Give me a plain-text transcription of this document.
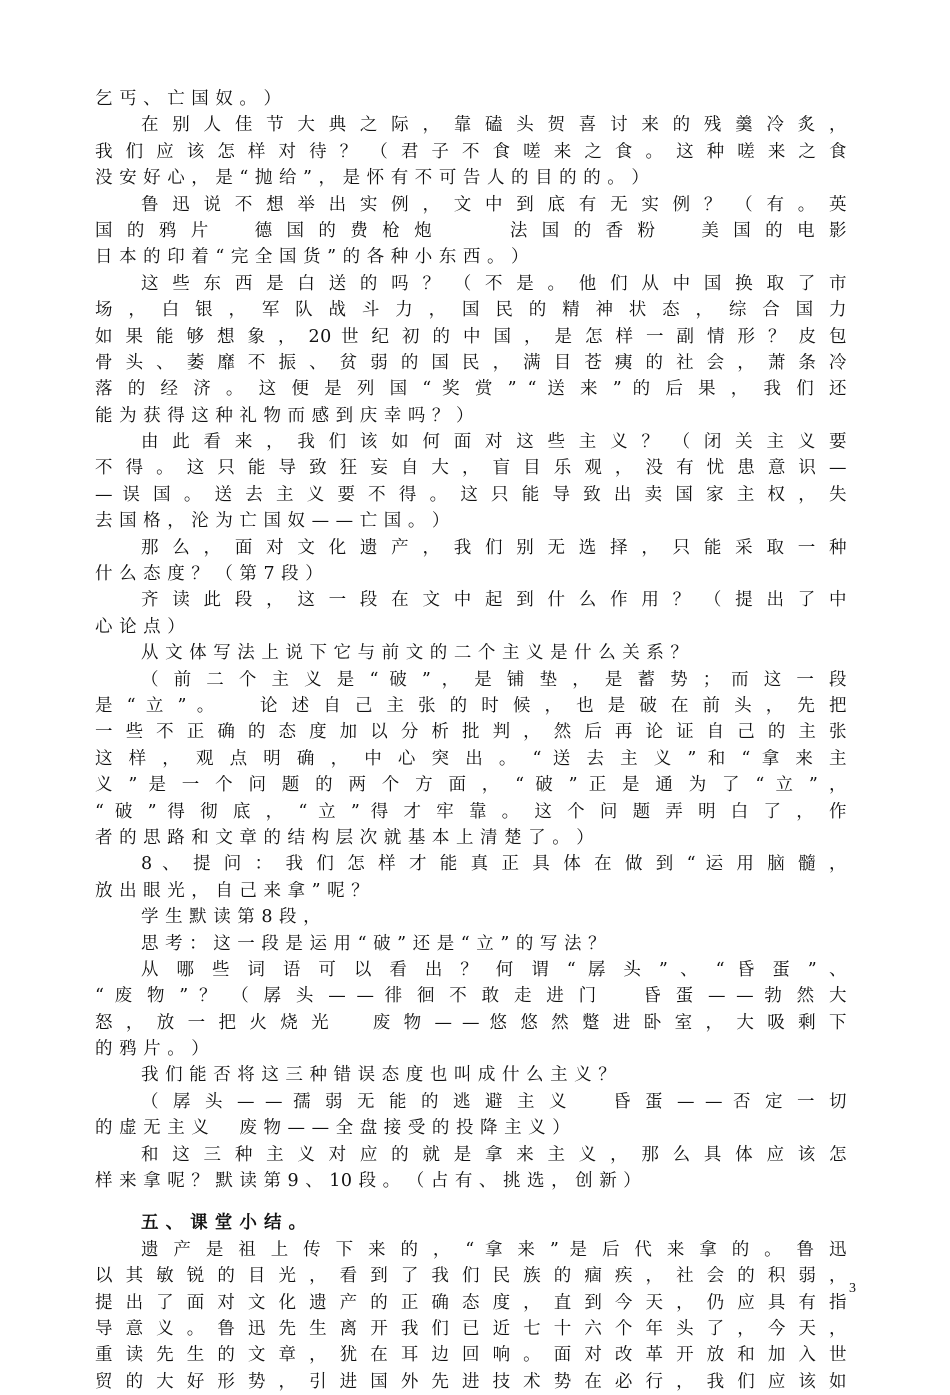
乞 丐 、 亡 国 奴 。 ）
在 别 人 佳 节 大 典 之 际 ， 靠 磕 头 贺 喜 讨 来 的 残 羹 冷 炙 ，
我 们 应 该 怎 样 对 待 ？ （ 君 子 不 食 嗟 来 之 食 。 这 种 嗟 来 之 食
没 安 好 心 ， 是 “ 抛 给 ” ， 是 怀 有 不 可 告 人 的 目 的 的 。 ）
鲁 迅 说 不 想 举 出 实 例 ， 文 中 到 底 有 无 实 例 ？ （ 有 。 英
国 的 鸦 片 　 德 国 的 费 枪 炮 　 　 法 国 的 香 粉 　 美 国 的 电 影
日 本 的 印 着 “ 完 全 国 货 ” 的 各 种 小 东 西 。 ）
这 些 东 西 是 白 送 的 吗 ？ （ 不 是 。 他 们 从 中 国 换 取 了 市
场 ， 白 银 ， 军 队 战 斗 力 ， 国 民 的 精 神 状 态 ， 综 合 国 力
如 果 能 够 想 象 ， 20 世 纪 初 的 中 国 ， 是 怎 样 一 副 情 形 ？ 皮 包
骨 头 、 萎 靡 不 振 、 贫 弱 的 国 民 ， 满 目 苍 痍 的 社 会 ， 萧 条 冷
落 的 经 济 。 这 便 是 列 国 “ 奖 赏 ” “ 送 来 ” 的 后 果 ， 我 们 还
能 为 获 得 这 种 礼 物 而 感 到 庆 幸 吗 ？ ）
由 此 看 来 ， 我 们 该 如 何 面 对 这 些 主 义 ？ （ 闭 关 主 义 要
不 得 。 这 只 能 导 致 狂 妄 自 大 ， 盲 目 乐 观 ， 没 有 忧 患 意 识 —
— 误 国 。 送 去 主 义 要 不 得 。 这 只 能 导 致 出 卖 国 家 主 权 ， 失
去 国 格 ， 沦 为 亡 国 奴 — — 亡 国 。 ）
那 么 ， 面 对 文 化 遗 产 ， 我 们 别 无 选 择 ， 只 能 采 取 一 种
什 么 态 度 ？ （ 第 7 段 ）
齐 读 此 段 ， 这 一 段 在 文 中 起 到 什 么 作 用 ？ （ 提 出 了 中
心 论 点 ）
从 文 体 写 法 上 说 下 它 与 前 文 的 二 个 主 义 是 什 么 关 系 ？
（ 前 二 个 主 义 是 “ 破 ” ， 是 铺 垫 ， 是 蓄 势 ； 而 这 一 段
是 “ 立 ” 。 　 论 述 自 己 主 张 的 时 候 ， 也 是 破 在 前 头 ， 先 把
一 些 不 正 确 的 态 度 加 以 分 析 批 判 ， 然 后 再 论 证 自 己 的 主 张
这 样 ， 观 点 明 确 ， 中 心 突 出 。 “ 送 去 主 义 ” 和 “ 拿 来 主
义 ” 是 一 个 问 题 的 两 个 方 面 ， “ 破 ” 正 是 通 为 了 “ 立 ” ，
“ 破 ” 得 彻 底 ， “ 立 ” 得 才 牢 靠 。 这 个 问 题 弄 明 白 了 ， 作
者 的 思 路 和 文 章 的 结 构 层 次 就 基 本 上 清 楚 了 。 ）
8 、 提 问 ： 我 们 怎 样 才 能 真 正 具 体 在 做 到 “ 运 用 脑 髓 ，
放 出 眼 光 ， 自 己 来 拿 ” 呢 ？
学 生 默 读 第 8 段 ，
思 考 ： 这 一 段 是 运 用 “ 破 ” 还 是 “ 立 ” 的 写 法 ？
从 哪 些 词 语 可 以 看 出 ？ 何 谓 “ 孱 头 ” 、 “ 昏 蛋 ” 、
“ 废 物 ” ？ （ 孱 头 — — 徘 徊 不 敢 走 进 门 　 昏 蛋 — — 勃 然 大
怒 ， 放 一 把 火 烧 光 　 废 物 — — 悠 悠 然 蹩 进 卧 室 ， 大 吸 剩 下
的 鸦 片 。 ）
我 们 能 否 将 这 三 种 错 误 态 度 也 叫 成 什 么 主 义 ？
（ 孱 头 — — 孺 弱 无 能 的 逃 避 主 义 　 昏 蛋 — — 否 定 一 切
的 虚 无 主 义 　 废 物 — — 全 盘 接 受 的 投 降 主 义 ）
和 这 三 种 主 义 对 应 的 就 是 拿 来 主 义 ， 那 么 具 体 应 该 怎
样 来 拿 呢 ？ 默 读 第 9 、 10 段 。 （ 占 有 、 挑 选 ， 创 新 ）
五 、 课 堂 小 结 。
遗 产 是 祖 上 传 下 来 的 ， “ 拿 来 ” 是 后 代 来 拿 的 。 鲁 迅
以 其 敏 锐 的 目 光 ， 看 到 了 我 们 民 族 的 痼 疾 ， 社 会 的 积 弱 ，
提 出 了 面 对 文 化 遗 产 的 正 确 态 度 ， 直 到 今 天 ， 仍 应 具 有 指
导 意 义 。 鲁 迅 先 生 离 开 我 们 已 近 七 十 六 个 年 头 了 ， 今 天 ，
重 读 先 生 的 文 章 ， 犹 在 耳 边 回 响 。 面 对 改 革 开 放 和 加 入 世
贸 的 大 好 形 势 ， 引 进 国 外 先 进 技 术 势 在 必 行 ， 我 们 应 该 如
3
